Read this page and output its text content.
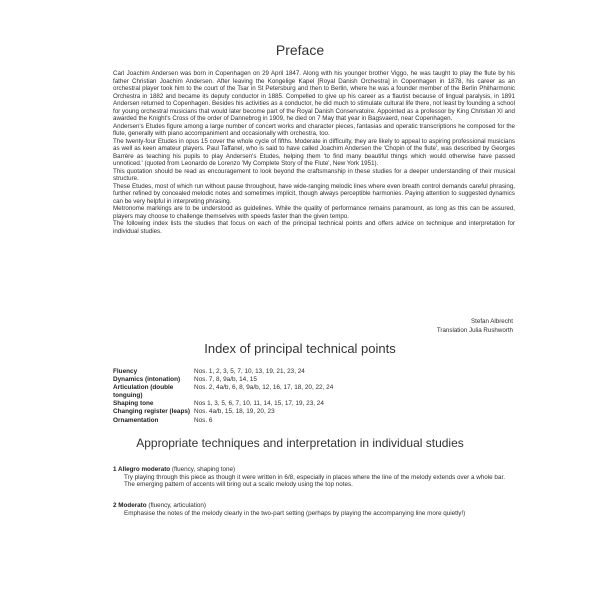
Preface

Carl Joachim Andersen was born in Copenhagen on 29 April 1847. Along with his younger brother Viggo, he was taught to play the flute by his father Christian Joachim Andersen. After leaving the Kongelige Kapel [Royal Danish Orchestra] in Copenhagen in 1878, his career as an orchestral player took him to the court of the Tsar in St Petersburg and then to Berlin, where he was a founder member of the Berlin Philharmonic Orchestra in 1882 and became its deputy conductor in 1885. Compelled to give up his career as a flautist because of lingual paralysis, in 1891 Andersen returned to Copenhagen. Besides his activities as a conductor, he did much to stimulate cultural life there, not least by founding a school for young orchestral musicians that would later become part of the Royal Danish Conservatoire. Appointed as a professor by King Christian XI and awarded the Knight's Cross of the order of Dannebrog in 1909, he died on 7 May that year in Bagsvaerd, near Copenhagen.

Andersen's Etudes figure among a large number of concert works and character pieces, fantasias and operatic transcriptions he composed for the flute, generally with piano accompaniment and occasionally with orchestra, too.

The twenty-four Etudes in opus 15 cover the whole cycle of fifths. Moderate in difficulty, they are likely to appeal to aspiring professional musicians as well as keen amateur players. Paul Taffanel, who is said to have called Joachim Andersen the 'Chopin of the flute', was described by Georges Barrère as teaching his pupils to play Andersen's Etudes, helping them 'to find many beautiful things which would otherwise have passed unnoticed.' (quoted from Leonardo de Lorenzo 'My Complete Story of the Flute', New York 1951).

This quotation should be read as encouragement to look beyond the craftsmanship in these studies for a deeper understanding of their musical structure.

These Etudes, most of which run without pause throughout, have wide-ranging melodic lines where even breath control demands careful phrasing, further refined by concealed melodic notes and sometimes implicit, though always perceptible harmonies. Paying attention to suggested dynamics can be very helpful in interpreting phrasing.

Metronome markings are to be understood as guidelines. While the quality of performance remains paramount, as long as this can be assured, players may choose to challenge themselves with speeds faster than the given tempo.

The following index lists the studies that focus on each of the principal technical points and offers advice on technique and interpretation for individual studies.

Stefan Albrecht
Translation Julia Rushworth
Index of principal technical points
Fluency	Nos. 1, 2, 3, 5, 7, 10, 13, 19, 21, 23, 24
Dynamics (intonation)	Nos. 7, 8, 9a/b, 14, 15
Articulation (double tonguing)
Nos. 2, 4a/b, 6, 8, 9a/b, 12, 16, 17, 18, 20, 22, 24
Shaping tone	Nos 1, 3, 5, 6, 7, 10, 11, 14, 15, 17, 19, 23, 24
Changing register (leaps) Nos. 4a/b, 15, 18, 19, 20, 23
Ornamentation	Nos. 6
Appropriate techniques and interpretation in individual studies
1 Allegro moderato (fluency, shaping tone)
Try playing through this piece as though it were written in 6/8, especially in places where the line of the melody extends over a whole bar. The emerging pattern of accents will bring out a scalic melody using the top notes.
2 Moderato (fluency, articulation)
Emphasise the notes of the melody clearly in the two-part setting (perhaps by playing the accompanying line more quietly!)
